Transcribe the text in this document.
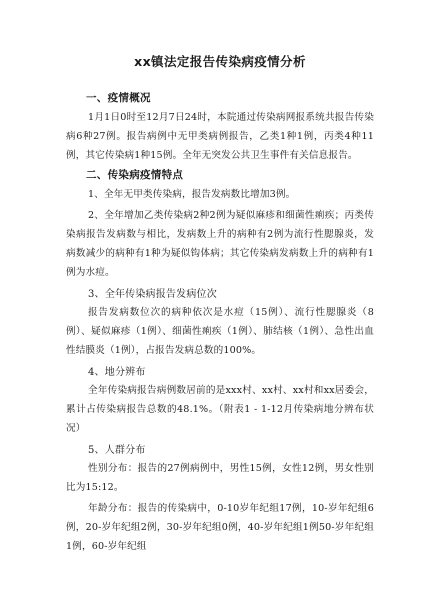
xx镇法定报告传染病疫情分析
一、疫情概况

1月1日0时至12月7日24时，本院通过传染病网报系统共报告传染病6种27例。报告病例中无甲类病例报告，乙类1种1例，丙类4种11例，其它传染病1种15例。全年无突发公共卫生事件有关信息报告。

二、传染病疫情特点

1、全年无甲类传染病，报告发病数比增加3例。

2、全年增加乙类传染病2种2例为疑似麻疹和细菌性痢疾；丙类传染病报告发病数与相比，发病数上升的病种有2例为流行性腮腺炎，发病数减少的病种有1种为疑似钩体病；其它传染病发病数上升的病种有1例为水痘。

3、全年传染病报告发病位次

报告发病数位次的病种依次是水痘（15例）、流行性腮腺炎（8例）、疑似麻疹（1例）、细菌性痢疾（1例）、肺结核（1例）、急性出血性结膜炎（1例），占报告发病总数的100%。

4、地分辨布

全年传染病报告病例数居前的是xxx村、xx村、xx村和xx居委会，累计占传染病报告总数的48.1%。（附表1 - 1-12月传染病地分辨布状况）

5、人群分布

性别分布：报告的27例病例中，男性15例，女性12例，男女性别比为15:12。

年龄分布：报告的传染病中，0-10岁年纪组17例，10-岁年纪组6例，20-岁年纪组2例，30-岁年纪组0例，40-岁年纪组1例50-岁年纪组1例，60-岁年纪组
